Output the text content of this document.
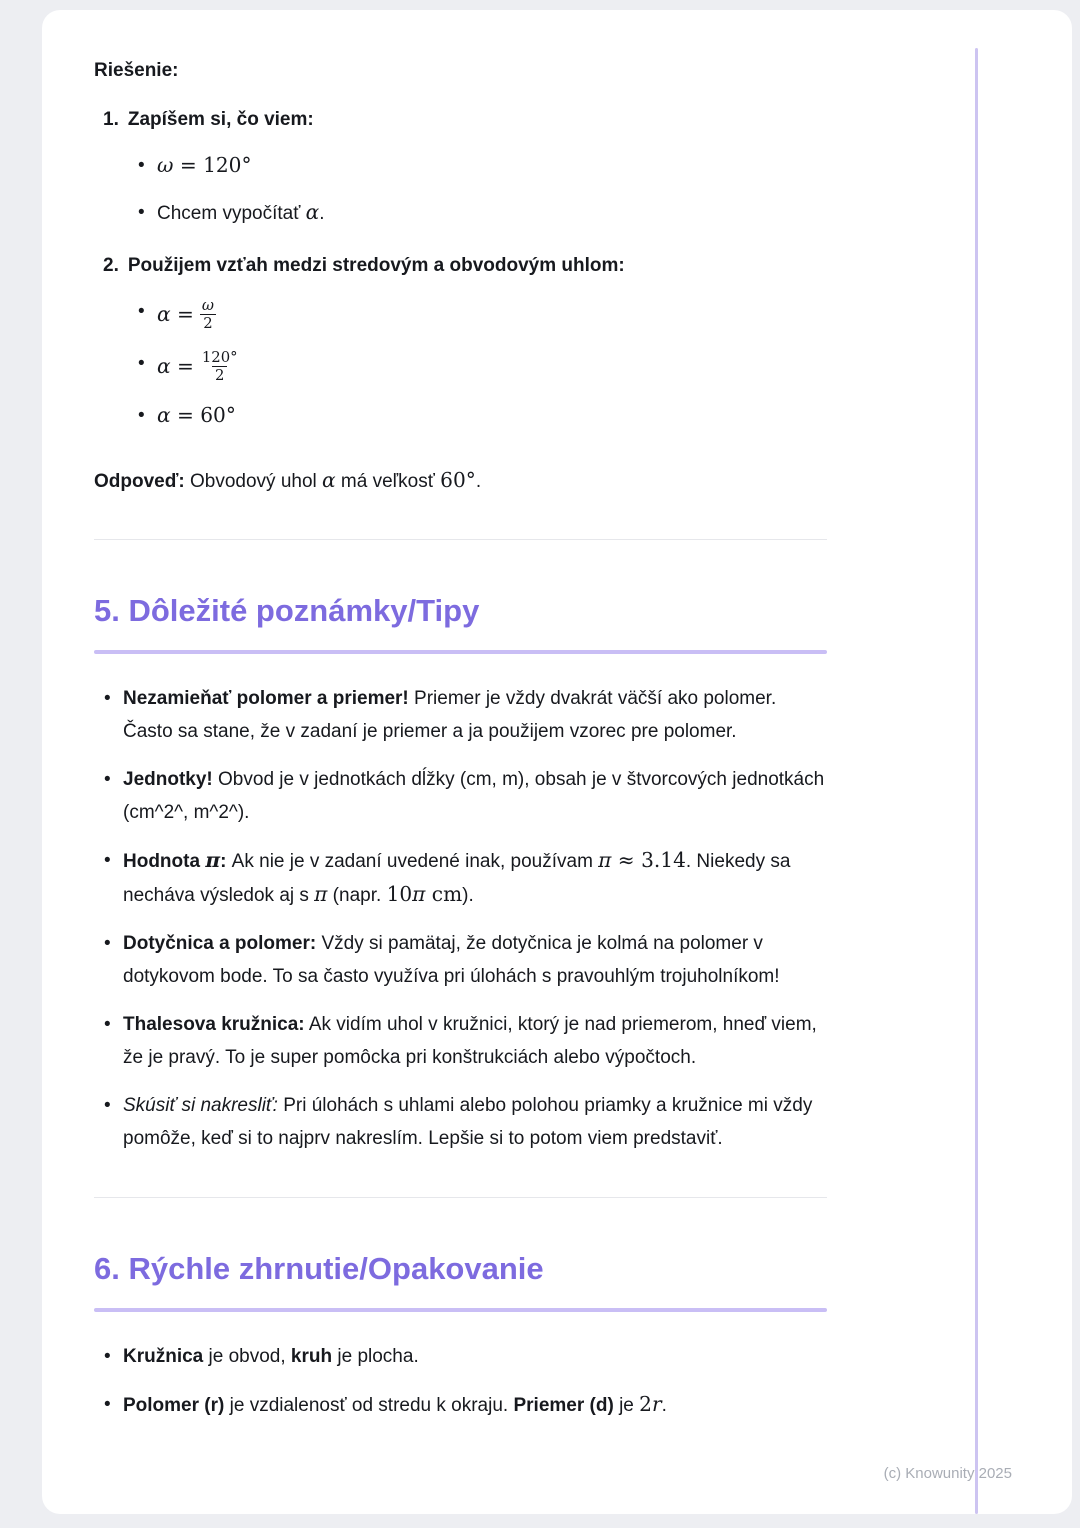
Riešenie:

1. Zapíšem si, čo viem:
• ω = 120°
• Chcem vypočítať α.
2. Použijem vzťah medzi stredovým a obvodovým uhlom:
• $\alpha = \frac{\omega}{2}$
• $\alpha = \frac{120^\circ}{2}$
• α = 60°

Odpoveď: Obvodový uhol α má veľkosť 60°.

5. Dôležité poznámky/Tipy
• Nezamieňať polomer a priemer! Priemer je vždy dvakrát väčší ako polomer. Často sa stane, že v zadaní je priemer a ja použijem vzorec pre polomer.
• Jednotky! Obvod je v jednotkách dĺžky (cm, m), obsah je v štvorcových jednotkách (cm^2^, m^2^).
• Hodnota π: Ak nie je v zadaní uvedené inak, používam π ≈ 3.14. Niekedy sa necháva výsledok aj s π (napr. 10π cm).
• Dotyčnica a polomer: Vždy si pamätaj, že dotyčnica je kolmá na polomer v dotykovom bode. To sa často využíva pri úlohách s pravouhlým trojuholníkom!
• Thalesova kružnica: Ak vidím uhol v kružnici, ktorý je nad priemerom, hneď viem, že je pravý. To je super pomôcka pri konštrukciách alebo výpočtoch.
• Skúsiť si nakresliť: Pri úlohách s uhlami alebo polohou priamky a kružnice mi vždy pomôže, keď si to najprv nakreslím. Lepšie si to potom viem predstaviť.
6. Rýchle zhrnutie/Opakovanie
• Kružnica je obvod, kruh je plocha.
• Polomer (r) je vzdialenosť od stredu k okraju. Priemer (d) je 2r.
(c) Knowunity 2025
